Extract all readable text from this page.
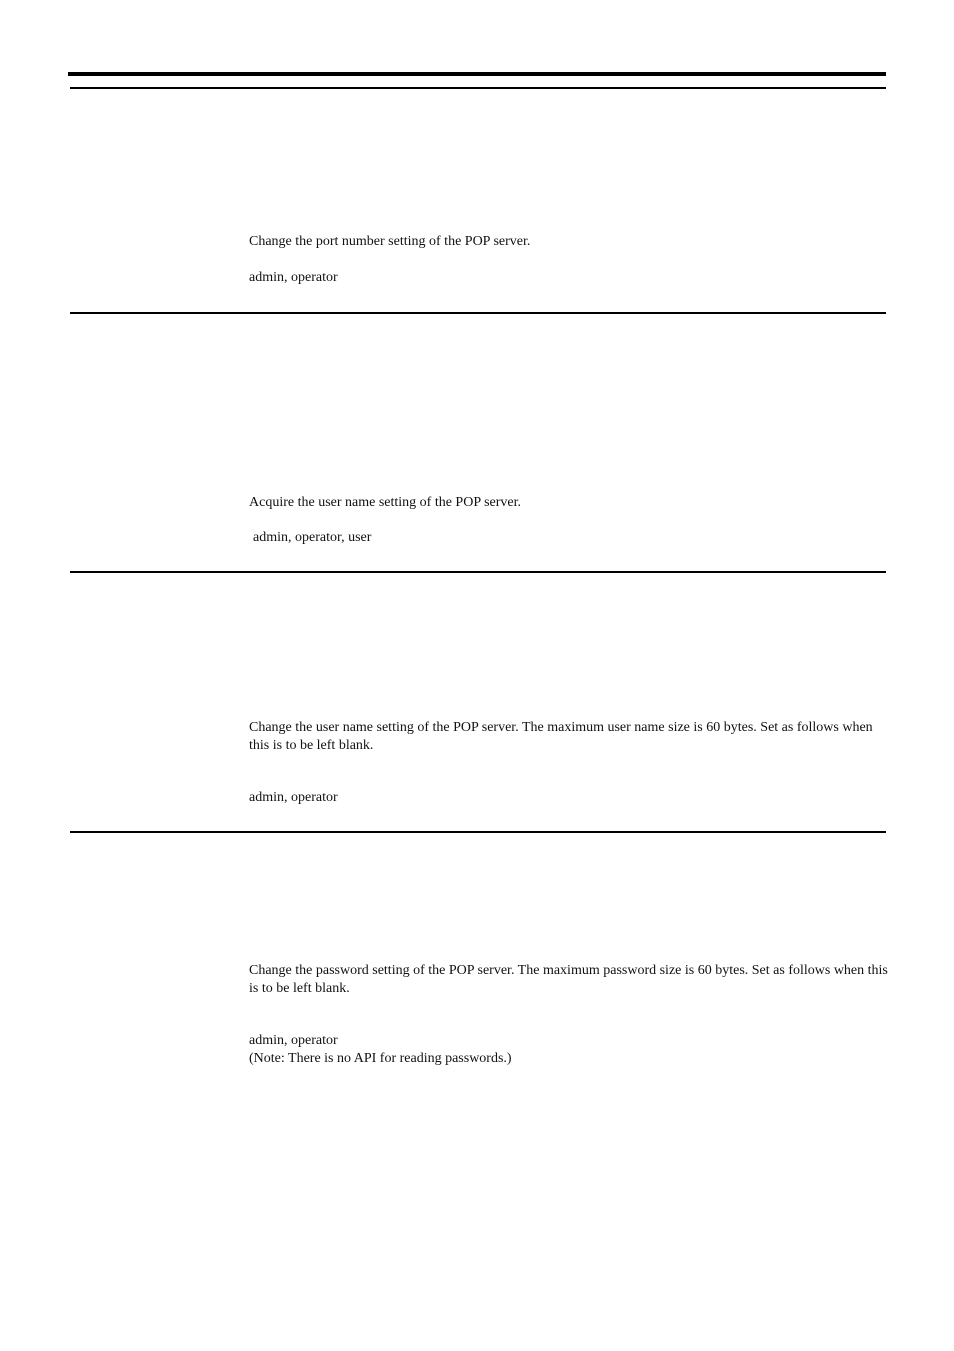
Change the port number setting of the POP server.
admin, operator
Acquire the user name setting of the POP server.
admin, operator, user
Change the user name setting of the POP server. The maximum user name size is 60 bytes. Set as follows when this is to be left blank.
admin, operator
Change the password setting of the POP server. The maximum password size is 60 bytes. Set as follows when this is to be left blank.
admin, operator
(Note: There is no API for reading passwords.)
